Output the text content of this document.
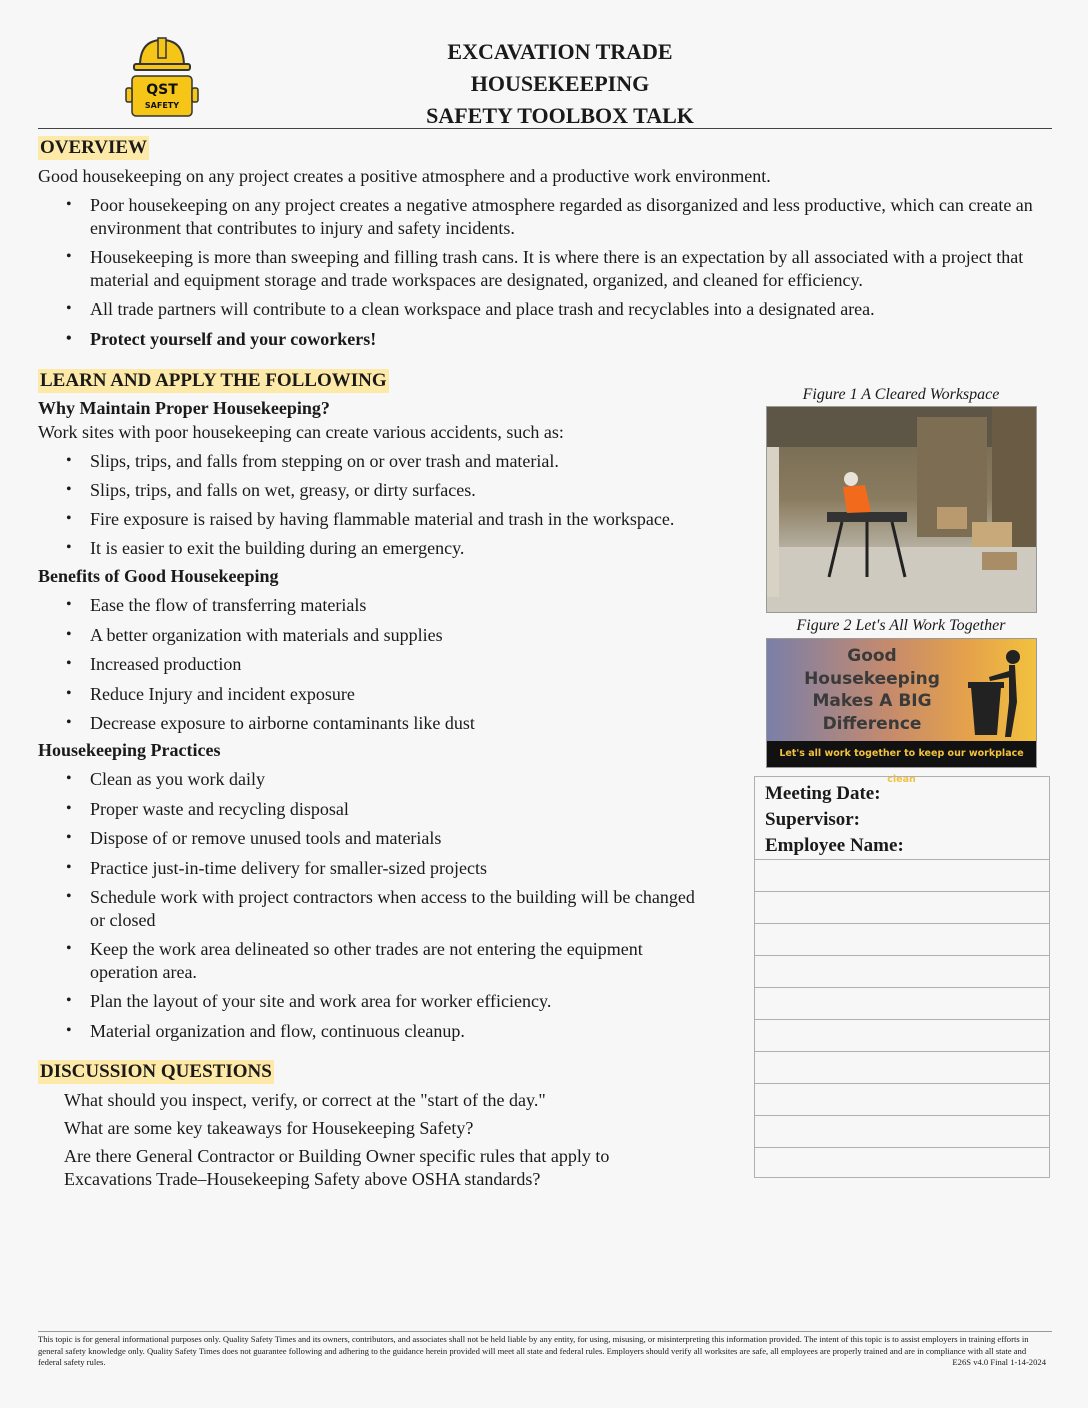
QST
SAFETY
EXCAVATION TRADE
HOUSEKEEPING
SAFETY TOOLBOX TALK
OVERVIEW

Good housekeeping on any project creates a positive atmosphere and a productive work environment.

• Poor housekeeping on any project creates a negative atmosphere regarded as disorganized and less productive, which can create an environment that contributes to injury and safety incidents.
• Housekeeping is more than sweeping and filling trash cans. It is where there is an expectation by all associated with a project that material and equipment storage and trade workspaces are designated, organized, and cleaned for efficiency.
• All trade partners will contribute to a clean workspace and place trash and recyclables into a designated area.
• Protect yourself and your coworkers!
LEARN AND APPLY THE FOLLOWING
Why Maintain Proper Housekeeping?

Work sites with poor housekeeping can create various accidents, such as:

• Slips, trips, and falls from stepping on or over trash and material.
• Slips, trips, and falls on wet, greasy, or dirty surfaces.
• Fire exposure is raised by having flammable material and trash in the workspace.
• It is easier to exit the building during an emergency.
Benefits of Good Housekeeping
• Ease the flow of transferring materials
• A better organization with materials and supplies
• Increased production
• Reduce Injury and incident exposure
• Decrease exposure to airborne contaminants like dust
Housekeeping Practices
• Clean as you work daily
• Proper waste and recycling disposal
• Dispose of or remove unused tools and materials
• Practice just-in-time delivery for smaller-sized projects
• Schedule work with project contractors when access to the building will be changed or closed
• Keep the work area delineated so other trades are not entering the equipment operation area.
• Plan the layout of your site and work area for worker efficiency.
• Material organization and flow, continuous cleanup.
DISCUSSION QUESTIONS
What should you inspect, verify, or correct at the "start of the day."
What are some key takeaways for Housekeeping Safety?
Are there General Contractor or Building Owner specific rules that apply to Excavations Trade–Housekeeping Safety above OSHA standards?
Figure 1 A Cleared Workspace
Figure 2 Let's All Work Together
Good
Housekeeping
Makes A BIG
Difference
Let's all work together to keep our workplace clean
Meeting Date:
Supervisor:
Employee Name:
This topic is for general informational purposes only. Quality Safety Times and its owners, contributors, and associates shall not be held liable by any entity, for using, misusing, or misinterpreting this information provided. The intent of this topic is to assist employers in training efforts in general safety knowledge only. Quality Safety Times does not guarantee following and adhering to the guidance herein provided will meet all state and federal rules. Employers should verify all worksites are safe, all employees are properly trained and are in compliance with all state and federal safety rules.	E26S v4.0 Final 1-14-2024
